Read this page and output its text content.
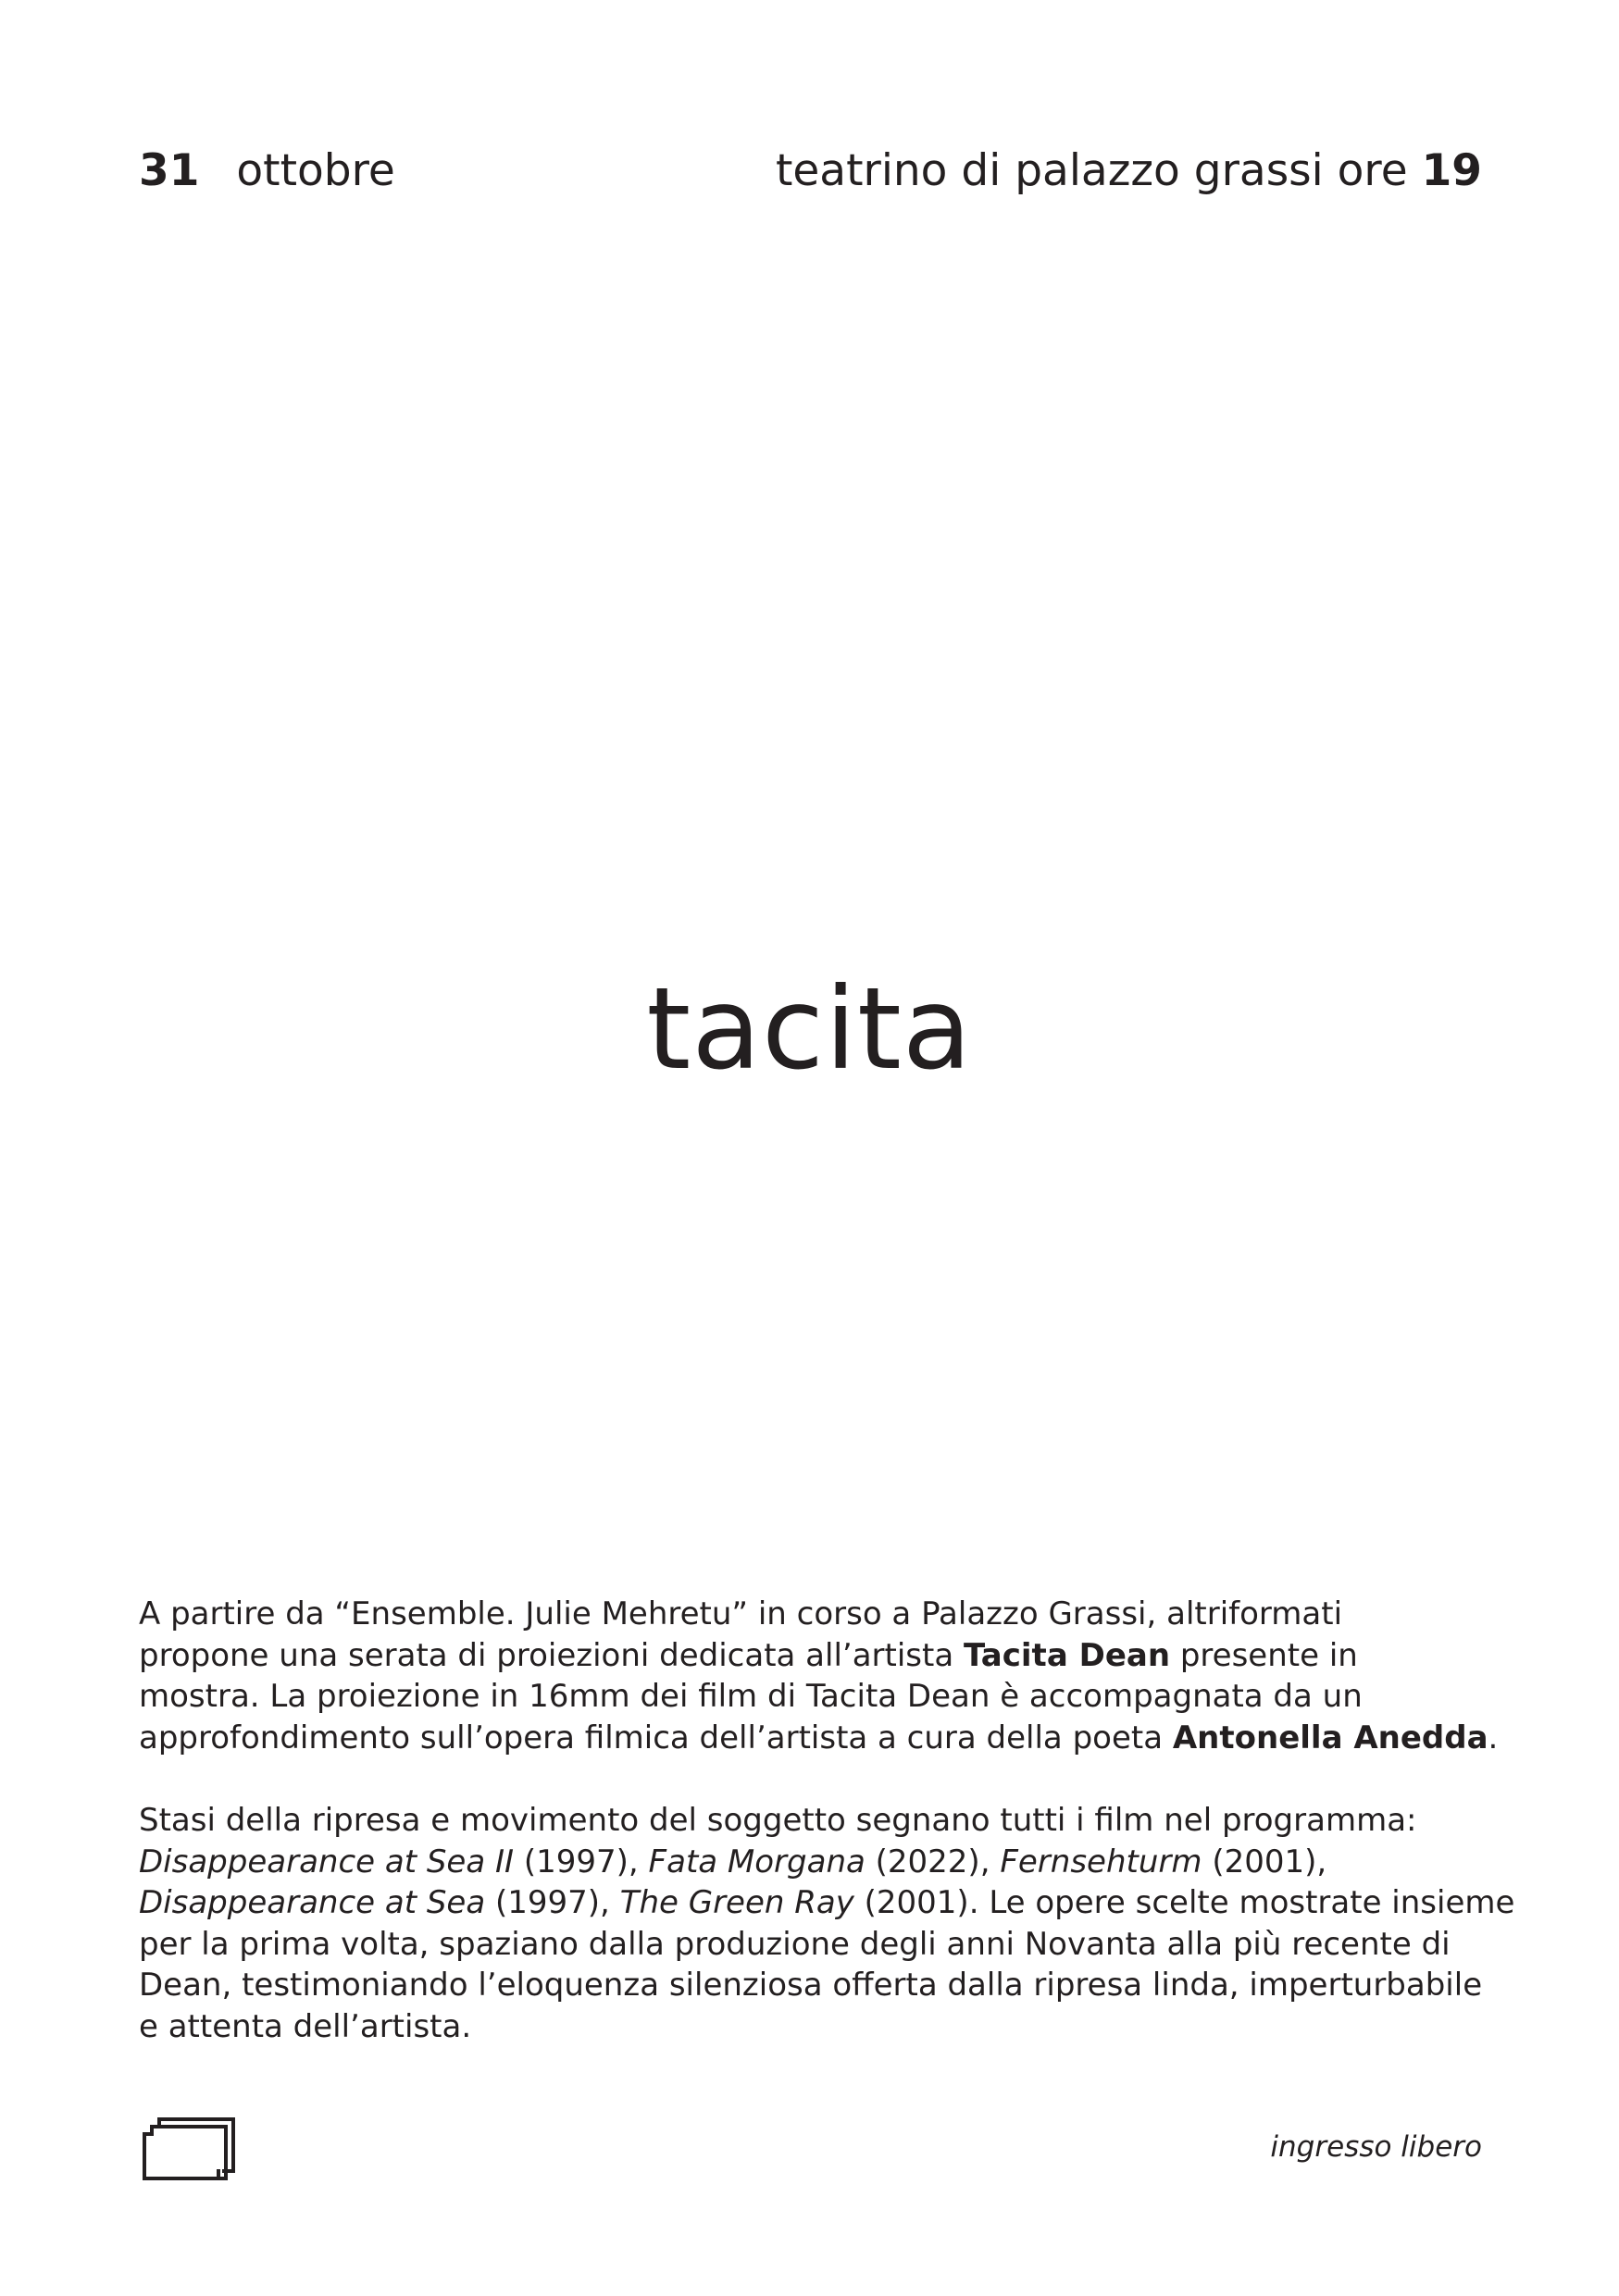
31 ottobre	teatrino di palazzo grassi ore 19
tacita

A partire da “Ensemble. Julie Mehretu” in corso a Palazzo Grassi, altriformati

propone una serata di proiezioni dedicata all’artista Tacita Dean presente in

mostra. La proiezione in 16mm dei film di Tacita Dean è accompagnata da un

approfondimento sull’opera filmica dell’artista a cura della poeta Antonella Anedda.

Stasi della ripresa e movimento del soggetto segnano tutti i film nel programma:

Disappearance at Sea II (1997), Fata Morgana (2022), Fernsehturm (2001),

Disappearance at Sea (1997), The Green Ray (2001). Le opere scelte mostrate insieme

per la prima volta, spaziano dalla produzione degli anni Novanta alla più recente di

Dean, testimoniando l’eloquenza silenziosa offerta dalla ripresa linda, imperturbabile

e attenta dell’artista.

ingresso libero
